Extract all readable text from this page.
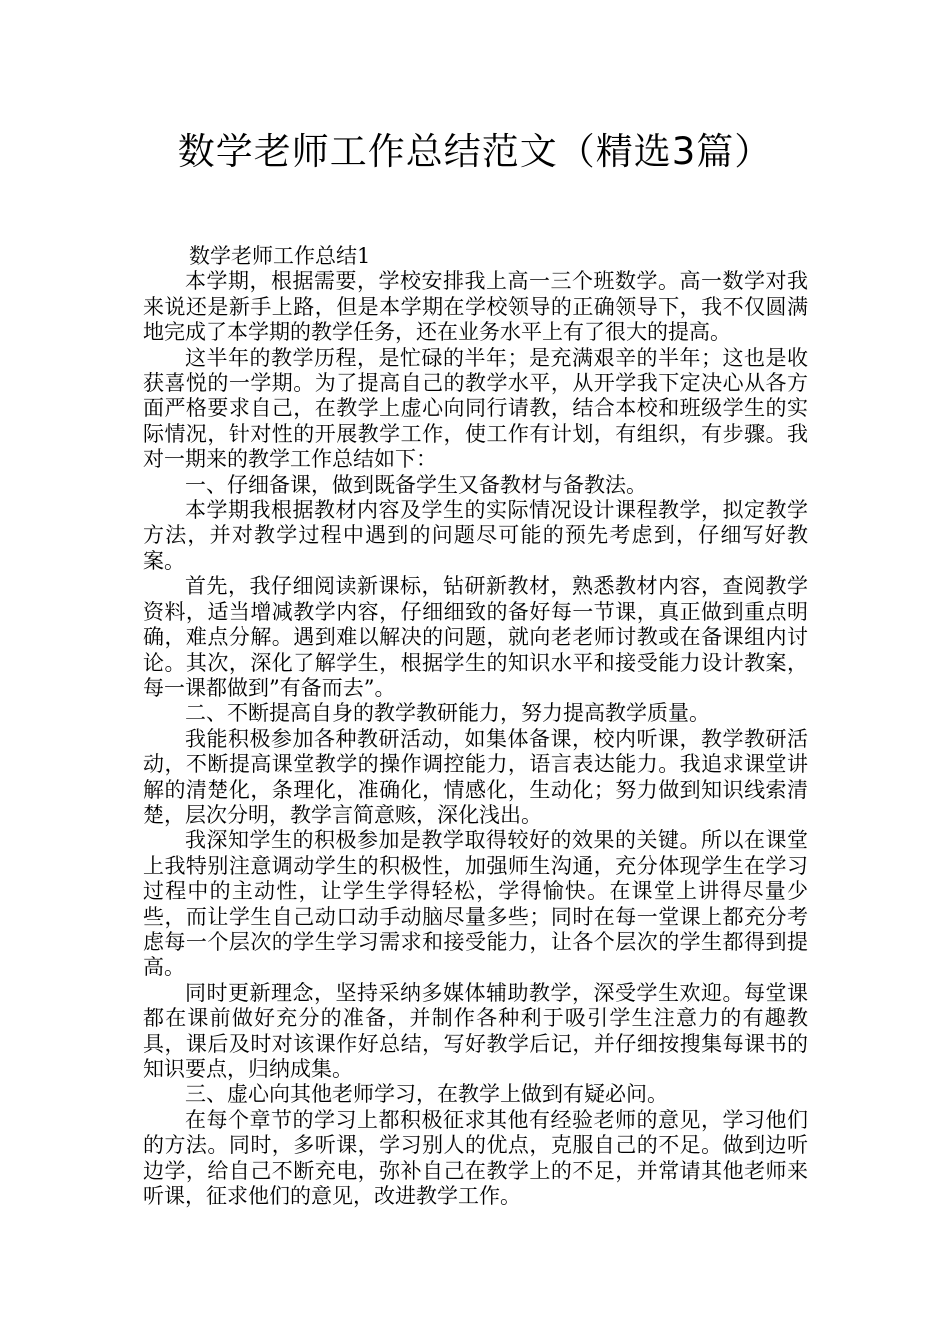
数学老师工作总结范文（精选3篇）

数学老师工作总结1

本学期，根据需要，学校安排我上高一三个班数学。高一数学对我来说还是新手上路，但是本学期在学校领导的正确领导下，我不仅圆满地完成了本学期的教学任务，还在业务水平上有了很大的提高。

这半年的教学历程，是忙碌的半年；是充满艰辛的半年；这也是收获喜悦的一学期。为了提高自己的教学水平，从开学我下定决心从各方面严格要求自己，在教学上虚心向同行请教，结合本校和班级学生的实际情况，针对性的开展教学工作，使工作有计划，有组织，有步骤。我对一期来的教学工作总结如下：

一、仔细备课，做到既备学生又备教材与备教法。

本学期我根据教材内容及学生的实际情况设计课程教学，拟定教学方法，并对教学过程中遇到的问题尽可能的预先考虑到，仔细写好教案。

首先，我仔细阅读新课标，钻研新教材，熟悉教材内容，查阅教学资料，适当增减教学内容，仔细细致的备好每一节课，真正做到重点明确，难点分解。遇到难以解决的问题，就向老老师讨教或在备课组内讨论。其次，深化了解学生，根据学生的知识水平和接受能力设计教案，每一课都做到”有备而去”。

二、不断提高自身的教学教研能力，努力提高教学质量。

我能积极参加各种教研活动，如集体备课，校内听课，教学教研活动，不断提高课堂教学的操作调控能力，语言表达能力。我追求课堂讲解的清楚化，条理化，准确化，情感化，生动化；努力做到知识线索清楚，层次分明，教学言简意赅，深化浅出。

我深知学生的积极参加是教学取得较好的效果的关键。所以在课堂上我特别注意调动学生的积极性，加强师生沟通，充分体现学生在学习过程中的主动性，让学生学得轻松，学得愉快。在课堂上讲得尽量少些，而让学生自己动口动手动脑尽量多些；同时在每一堂课上都充分考虑每一个层次的学生学习需求和接受能力，让各个层次的学生都得到提高。

同时更新理念，坚持采纳多媒体辅助教学，深受学生欢迎。每堂课都在课前做好充分的准备，并制作各种利于吸引学生注意力的有趣教具，课后及时对该课作好总结，写好教学后记，并仔细按搜集每课书的知识要点，归纳成集。

三、虚心向其他老师学习，在教学上做到有疑必问。

在每个章节的学习上都积极征求其他有经验老师的意见，学习他们的方法。同时，多听课，学习别人的优点，克服自己的不足。做到边听边学，给自己不断充电，弥补自己在教学上的不足，并常请其他老师来听课，征求他们的意见，改进教学工作。
